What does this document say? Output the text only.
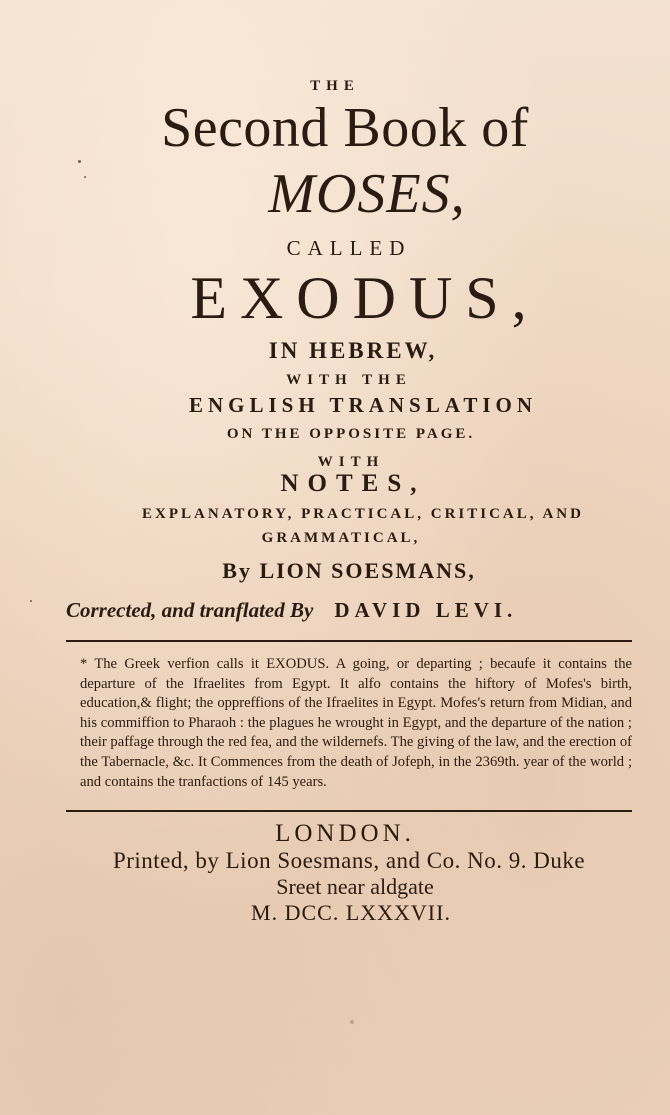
THE

Second Book of

MOSES,

CALLED

EXODUS,

IN HEBREW,

WITH THE

ENGLISH TRANSLATION

ON THE OPPOSITE PAGE.

WITH

NOTES,

EXPLANATORY, PRACTICAL, CRITICAL, AND

GRAMMATICAL,

By LION SOESMANS,

Corrected, and tranflated By DAVID LEVI.

* The Greek verfion calls it EXODUS. A going, or departing ; becaufe it contains the departure of the Ifraelites from Egypt. It alfo contains the hiftory of Mofes's birth, education,& flight; the oppreffions of the Ifraelites in Egypt. Mofes's return from Midian, and his commiffion to Pharaoh : the plagues he wrought in Egypt, and the departure of the nation ; their paffage through the red fea, and the wildernefs. The giving of the law, and the erection of the Tabernacle, &c. It Commences from the death of Jofeph, in the 2369th. year of the world ; and contains the tranfactions of 145 years.

LONDON.

Printed, by Lion Soesmans, and Co. No. 9. Duke

Sreet near aldgate

M. DCC. LXXXVII.
